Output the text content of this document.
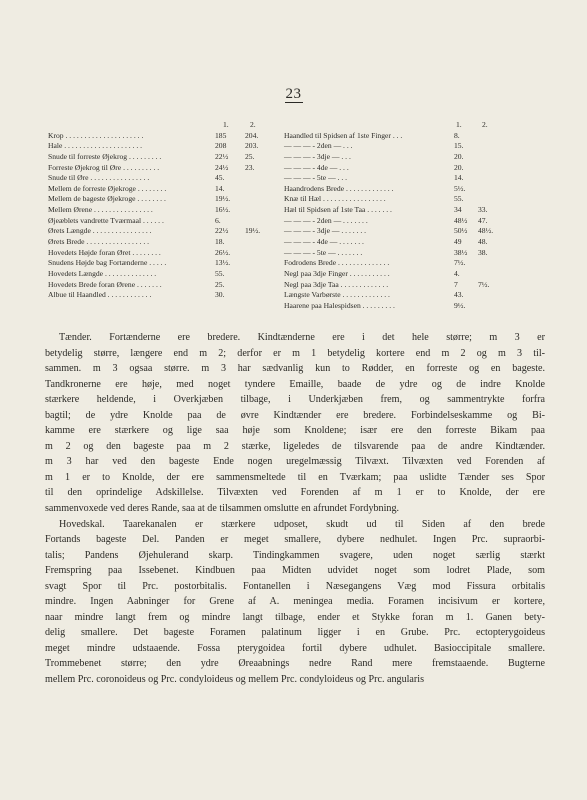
23
1.	2.
Krop . . . . . . . . . . . . . . . . . . . . .	185 204.
Hale . . . . . . . . . . . . . . . . . . . . .	208 203.
Snude til forreste Øjekrog . . . . . . . . .	22½ 25.
Forreste Øjekrog til Øre . . . . . . . . . .	24½ 23.
Snude til Øre . . . . . . . . . . . . . . . .	45.
Mellem de forreste Øjekroge . . . . . . . .	14.
Mellem de bageste Øjekroge . . . . . . . .	19½.
Mellem Ørene . . . . . . . . . . . . . . . .	16½.
Øjeæblets vandrette Tværmaal . . . . . .	6.
Ørets Længde . . . . . . . . . . . . . . . .	22½ 19½.
Ørets Brede . . . . . . . . . . . . . . . . .	18.
Hovedets Højde foran Øret . . . . . . . .	26½.
Snudens Højde bag Fortænderne . . . . .	13½.
Hovedets Længde . . . . . . . . . . . . . .	55.
Hovedets Brede foran Ørene . . . . . . .	25.
Albue til Haandled . . . . . . . . . . . .	30.
1.	2.
Haandled til Spidsen af 1ste Finger . . .	8.
— — — - 2den — . . .	15.
— — — - 3dje — . . .	20.
— — — - 4de — . . .	20.
— — — - 5te — . . .	14.
Haandrodens Brede . . . . . . . . . . . . .	5½.
Knæ til Hæl . . . . . . . . . . . . . . . . .	55.
Hæl til Spidsen af 1ste Taa . . . . . . .	34 33.
— — — - 2den — . . . . . . .	48½ 47.
— — — - 3dje — . . . . . . .	50½ 48½.
— — — - 4de — . . . . . . .	49 48.
— — — - 5te — . . . . . . .	38½ 38.
Fodrodens Brede . . . . . . . . . . . . . .	7½.
Negl paa 3dje Finger . . . . . . . . . . .	4.
Negl paa 3dje Taa . . . . . . . . . . . . .	7	7½.
Længste Varbørste . . . . . . . . . . . . .	43.
Haarene paa Halespidsen . . . . . . . . .	9½.

Tænder. Fortænderne ere bredere. Kindtænderne ere i det hele større; m 3 er
betydelig større, længere end m 2; derfor er m 1 betydelig kortere end m 2 og m 3 til-
sammen. m 3 ogsaa større. m 3 har sædvanlig kun to Rødder, en forreste og en bageste.
Tandkronerne ere høje, med noget tyndere Emaille, baade de ydre og de indre Knolde
stærkere heldende, i Overkjæben tilbage, i Underkjæben frem, og sammentrykte forfra
bagtil; de ydre Knolde paa de øvre Kindtænder ere bredere. Forbindelseskamme og Bi-
kamme ere stærkere og lige saa høje som Knoldene; især ere den forreste Bikam paa
m 2 og den bageste paa m 2 stærke, ligeledes de tilsvarende paa de andre Kindtænder.
m 3 har ved den bageste Ende nogen uregelmæssig Tilvæxt. Tilvæxten ved Forenden af
m 1 er to Knolde, der ere sammensmeltede til en Tværkam; paa uslidte Tænder ses Spor
til den oprindelige Adskillelse. Tilvæxten ved Forenden af m 1 er to Knolde, der ere
sammenvoxede ved deres Rande, saa at de tilsammen omslutte en afrundet Fordybning.

Hovedskal. Taarekanalen er stærkere udposet, skudt ud til Siden af den brede
Fortands bageste Del. Panden er meget smallere, dybere nedhulet. Ingen Prc. supraorbi-
talis; Pandens Øjehulerand skarp. Tindingkammen svagere, uden noget særlig stærkt
Fremspring paa Issebenet. Kindbuen paa Midten udvidet noget som lodret Plade, som
svagt Spor til Prc. postorbitalis. Fontanellen i Næsegangens Væg mod Fissura orbitalis
mindre. Ingen Aabninger for Grene af A. meningea media. Foramen incisivum er kortere,
naar mindre langt frem og mindre langt tilbage, ender et Stykke foran m 1. Ganen bety-
delig smallere. Det bageste Foramen palatinum ligger i en Grube. Prc. ectopterygoideus
meget mindre udstaaende. Fossa pterygoidea fortil dybere udhulet. Basioccipitale smallere.
Trommebenet større; den ydre Øreaabnings nedre Rand mere fremstaaende. Bugterne
mellem Prc. coronoideus og Prc. condyloideus og mellem Prc. condyloideus og Prc. angularis
